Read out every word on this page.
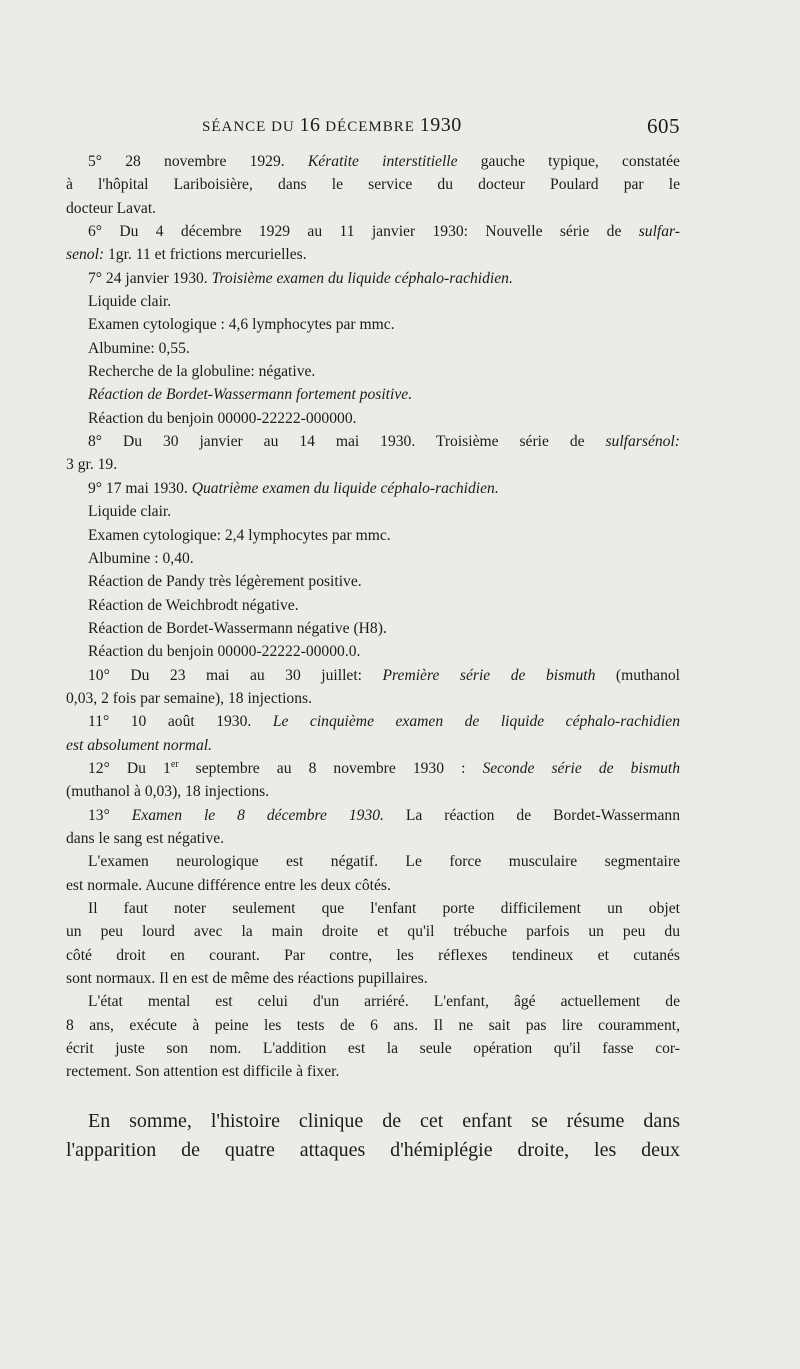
SÉANCE DU 16 DÉCEMBRE 1930	605
5° 28 novembre 1929. Kératite interstitielle gauche typique, constatée
à l'hôpital Lariboisière, dans le service du docteur Poulard par le
docteur Lavat.
6° Du 4 décembre 1929 au 11 janvier 1930: Nouvelle série de sulfar-
senol: 1gr. 11 et frictions mercurielles.
7° 24 janvier 1930. Troisième examen du liquide céphalo-rachidien.
Liquide clair.
Examen cytologique : 4,6 lymphocytes par mmc.
Albumine: 0,55.
Recherche de la globuline: négative.
Réaction de Bordet-Wassermann fortement positive.
Réaction du benjoin 00000-22222-000000.
8° Du 30 janvier au 14 mai 1930. Troisième série de sulfarsénol:
3 gr. 19.
9° 17 mai 1930. Quatrième examen du liquide céphalo-rachidien.
Liquide clair.
Examen cytologique: 2,4 lymphocytes par mmc.
Albumine : 0,40.
Réaction de Pandy très légèrement positive.
Réaction de Weichbrodt négative.
Réaction de Bordet-Wassermann négative (H8).
Réaction du benjoin 00000-22222-00000.0.
10° Du 23 mai au 30 juillet: Première série de bismuth (muthanol
0,03, 2 fois par semaine), 18 injections.
11° 10 août 1930. Le cinquième examen de liquide céphalo-rachidien
est absolument normal.
12° Du 1er septembre au 8 novembre 1930 : Seconde série de bismuth
(muthanol à 0,03), 18 injections.
13° Examen le 8 décembre 1930. La réaction de Bordet-Wassermann
dans le sang est négative.
L'examen neurologique est négatif. Le force musculaire segmentaire
est normale. Aucune différence entre les deux côtés.
Il faut noter seulement que l'enfant porte difficilement un objet
un peu lourd avec la main droite et qu'il trébuche parfois un peu du
côté droit en courant. Par contre, les réflexes tendineux et cutanés
sont normaux. Il en est de même des réactions pupillaires.
L'état mental est celui d'un arriéré. L'enfant, âgé actuellement de
8 ans, exécute à peine les tests de 6 ans. Il ne sait pas lire couramment,
écrit juste son nom. L'addition est la seule opération qu'il fasse cor-
rectement. Son attention est difficile à fixer.
En somme, l'histoire clinique de cet enfant se résume dans
l'apparition de quatre attaques d'hémiplégie droite, les deux
